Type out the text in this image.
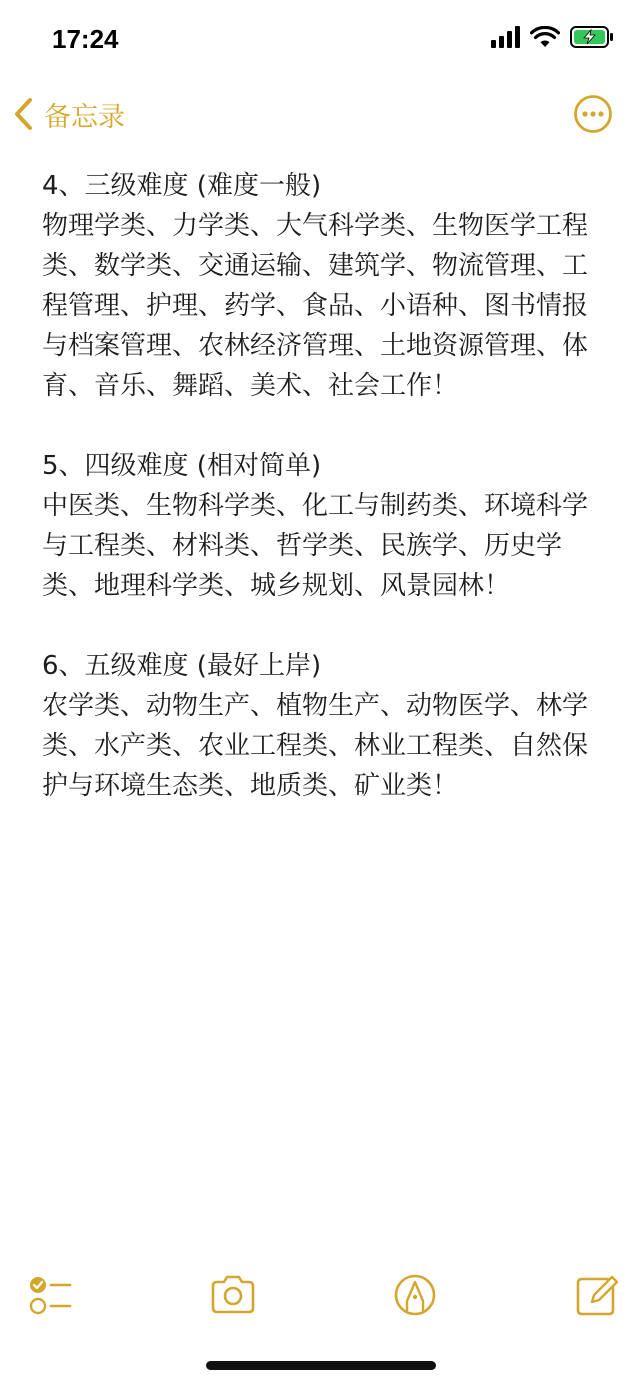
17:24
备忘录
4、三级难度 (难度一般)
物理学类、力学类、大气科学类、生物医学工程类、数学类、交通运输、建筑学、物流管理、工程管理、护理、药学、食品、小语种、图书情报与档案管理、农林经济管理、土地资源管理、体育、音乐、舞蹈、美术、社会工作！
5、四级难度 (相对简单)
中医类、生物科学类、化工与制药类、环境科学与工程类、材料类、哲学类、民族学、历史学类、地理科学类、城乡规划、风景园林！
6、五级难度 (最好上岸)
农学类、动物生产、植物生产、动物医学、林学类、水产类、农业工程类、林业工程类、自然保护与环境生态类、地质类、矿业类！
